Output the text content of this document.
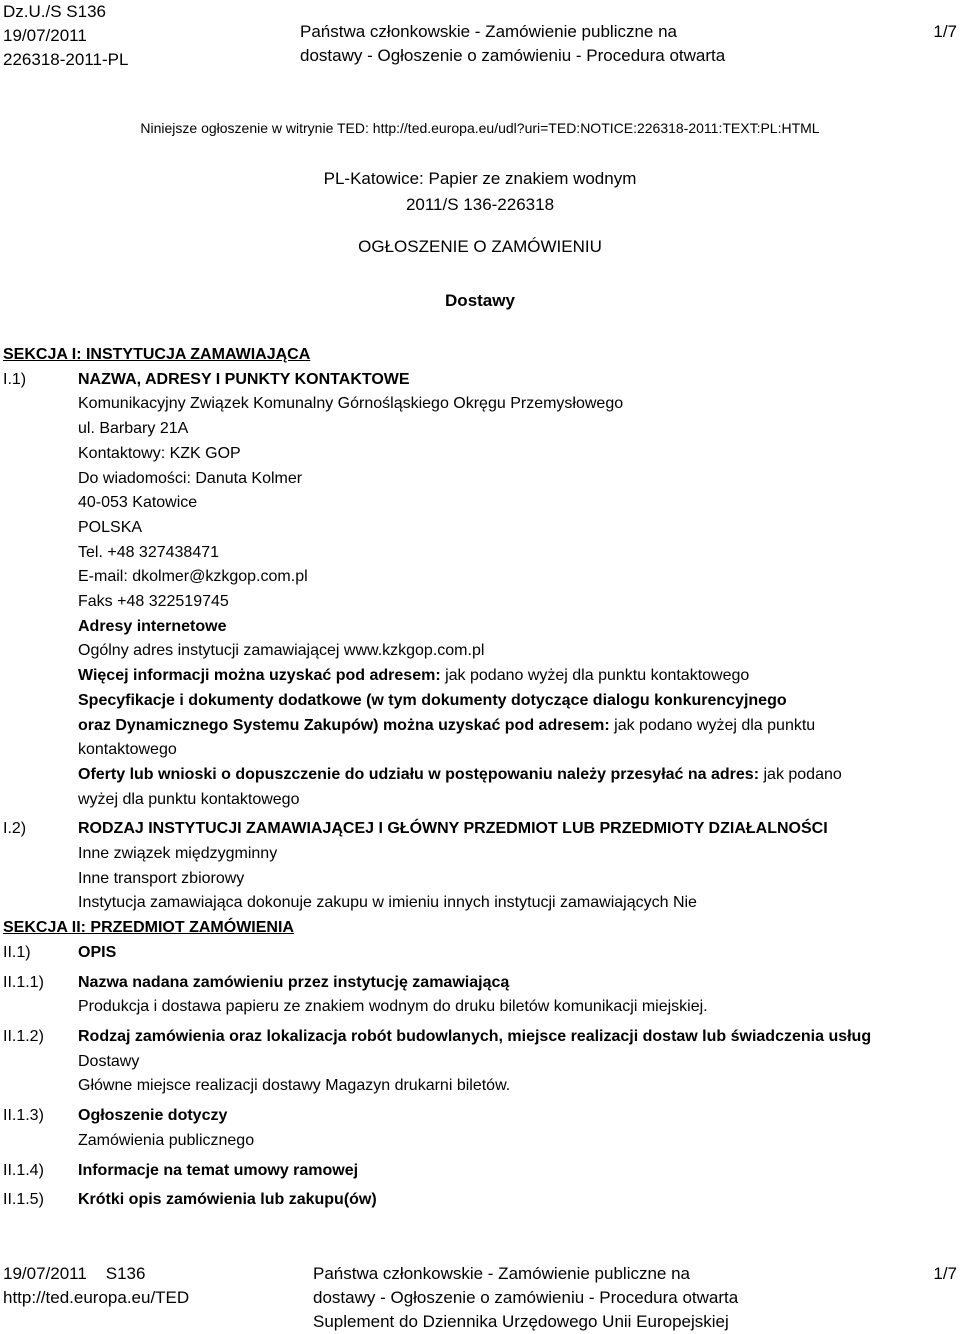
Dz.U./S S136
19/07/2011
226318-2011-PL
Państwa członkowskie - Zamówienie publiczne na
dostawy - Ogłoszenie o zamówieniu - Procedura otwarta
1/7
Niniejsze ogłoszenie w witrynie TED: http://ted.europa.eu/udl?uri=TED:NOTICE:226318-2011:TEXT:PL:HTML
PL-Katowice: Papier ze znakiem wodnym
2011/S 136-226318
OGŁOSZENIE O ZAMÓWIENIU
Dostawy
SEKCJA I: INSTYTUCJA ZAMAWIAJĄCA
I.1)	NAZWA, ADRESY I PUNKTY KONTAKTOWE
Komunikacyjny Związek Komunalny Górnośląskiego Okręgu Przemysłowego
ul. Barbary 21A
Kontaktowy: KZK GOP
Do wiadomości: Danuta Kolmer
40-053 Katowice
POLSKA
Tel. +48 327438471
E-mail: dkolmer@kzkgop.com.pl
Faks +48 322519745
Adresy internetowe
Ogólny adres instytucji zamawiającej www.kzkgop.com.pl
Więcej informacji można uzyskać pod adresem: jak podano wyżej dla punktu kontaktowego
Specyfikacje i dokumenty dodatkowe (w tym dokumenty dotyczące dialogu konkurencyjnego
oraz Dynamicznego Systemu Zakupów) można uzyskać pod adresem: jak podano wyżej dla punktu
kontaktowego
Oferty lub wnioski o dopuszczenie do udziału w postępowaniu należy przesyłać na adres: jak podano
wyżej dla punktu kontaktowego
I.2)	RODZAJ INSTYTUCJI ZAMAWIAJĄCEJ I GŁÓWNY PRZEDMIOT LUB PRZEDMIOTY DZIAŁALNOŚCI
Inne związek międzygminny
Inne transport zbiorowy
Instytucja zamawiająca dokonuje zakupu w imieniu innych instytucji zamawiających Nie
SEKCJA II: PRZEDMIOT ZAMÓWIENIA
II.1)	OPIS
II.1.1)	Nazwa nadana zamówieniu przez instytucję zamawiającą
Produkcja i dostawa papieru ze znakiem wodnym do druku biletów komunikacji miejskiej.
II.1.2)	Rodzaj zamówienia oraz lokalizacja robót budowlanych, miejsce realizacji dostaw lub świadczenia usług
Dostawy
Główne miejsce realizacji dostawy Magazyn drukarni biletów.
II.1.3)	Ogłoszenie dotyczy
Zamówienia publicznego
II.1.4)	Informacje na temat umowy ramowej
II.1.5)	Krótki opis zamówienia lub zakupu(ów)
19/07/2011 S136
http://ted.europa.eu/TED
Państwa członkowskie - Zamówienie publiczne na
dostawy - Ogłoszenie o zamówieniu - Procedura otwarta
Suplement do Dziennika Urzędowego Unii Europejskiej
1/7
